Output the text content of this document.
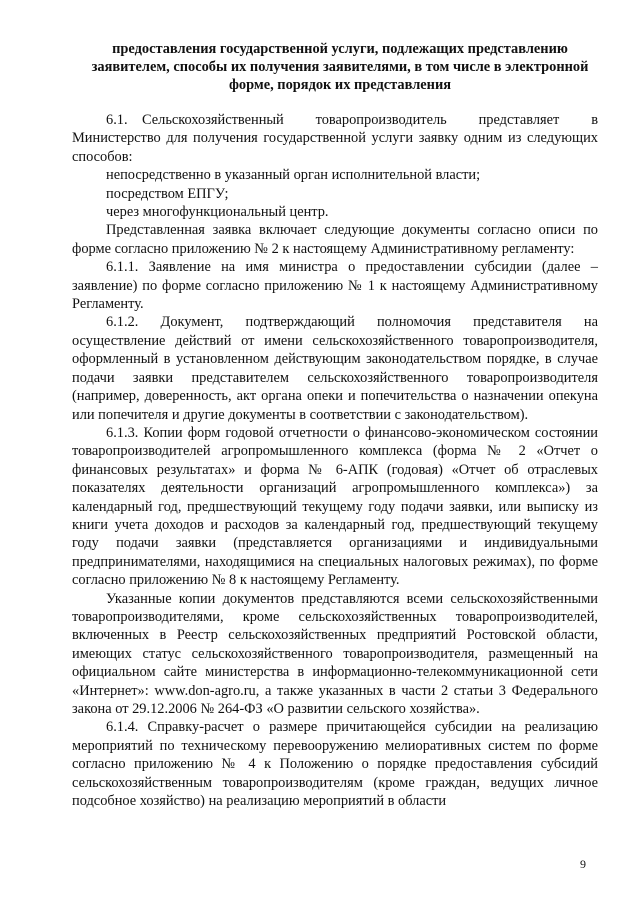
предоставления государственной услуги, подлежащих представлению
заявителем, способы их получения заявителями, в том числе в электронной
форме, порядок их представления

6.1. Сельскохозяйственный товаропроизводитель представляет в Министерство для получения государственной услуги заявку одним из следующих способов:

непосредственно в указанный орган исполнительной власти;

посредством ЕПГУ;

через многофункциональный центр.

Представленная заявка включает следующие документы согласно описи по форме согласно приложению № 2 к настоящему Административному регламенту:

6.1.1. Заявление на имя министра о предоставлении субсидии (далее – заявление) по форме согласно приложению № 1 к настоящему Административному Регламенту.

6.1.2. Документ, подтверждающий полномочия представителя на осуществление действий от имени сельскохозяйственного товаропроизводителя, оформленный в установленном действующим законодательством порядке, в случае подачи заявки представителем сельскохозяйственного товаропроизводителя (например, доверенность, акт органа опеки и попечительства о назначении опекуна или попечителя и другие документы в соответствии с законодательством).

6.1.3. Копии форм годовой отчетности о финансово-экономическом состоянии товаропроизводителей агропромышленного комплекса (форма № 2 «Отчет о финансовых результатах» и форма № 6-АПК (годовая) «Отчет об отраслевых показателях деятельности организаций агропромышленного комплекса») за календарный год, предшествующий текущему году подачи заявки, или выписку из книги учета доходов и расходов за календарный год, предшествующий текущему году подачи заявки (представляется организациями и индивидуальными предпринимателями, находящимися на специальных налоговых режимах), по форме согласно приложению № 8 к настоящему Регламенту.

Указанные копии документов представляются всеми сельскохозяйственными товаропроизводителями, кроме сельскохозяйственных товаропроизводителей, включенных в Реестр сельскохозяйственных предприятий Ростовской области, имеющих статус сельскохозяйственного товаропроизводителя, размещенный на официальном сайте министерства в информационно-телекоммуникационной сети «Интернет»: www.don-agro.ru, а также указанных в части 2 статьи 3 Федерального закона от 29.12.2006 № 264-ФЗ «О развитии сельского хозяйства».

6.1.4. Справку-расчет о размере причитающейся субсидии на реализацию мероприятий по техническому перевооружению мелиоративных систем по форме согласно приложению № 4 к Положению о порядке предоставления субсидий сельскохозяйственным товаропроизводителям (кроме граждан, ведущих личное подсобное хозяйство) на реализацию мероприятий в области

9
